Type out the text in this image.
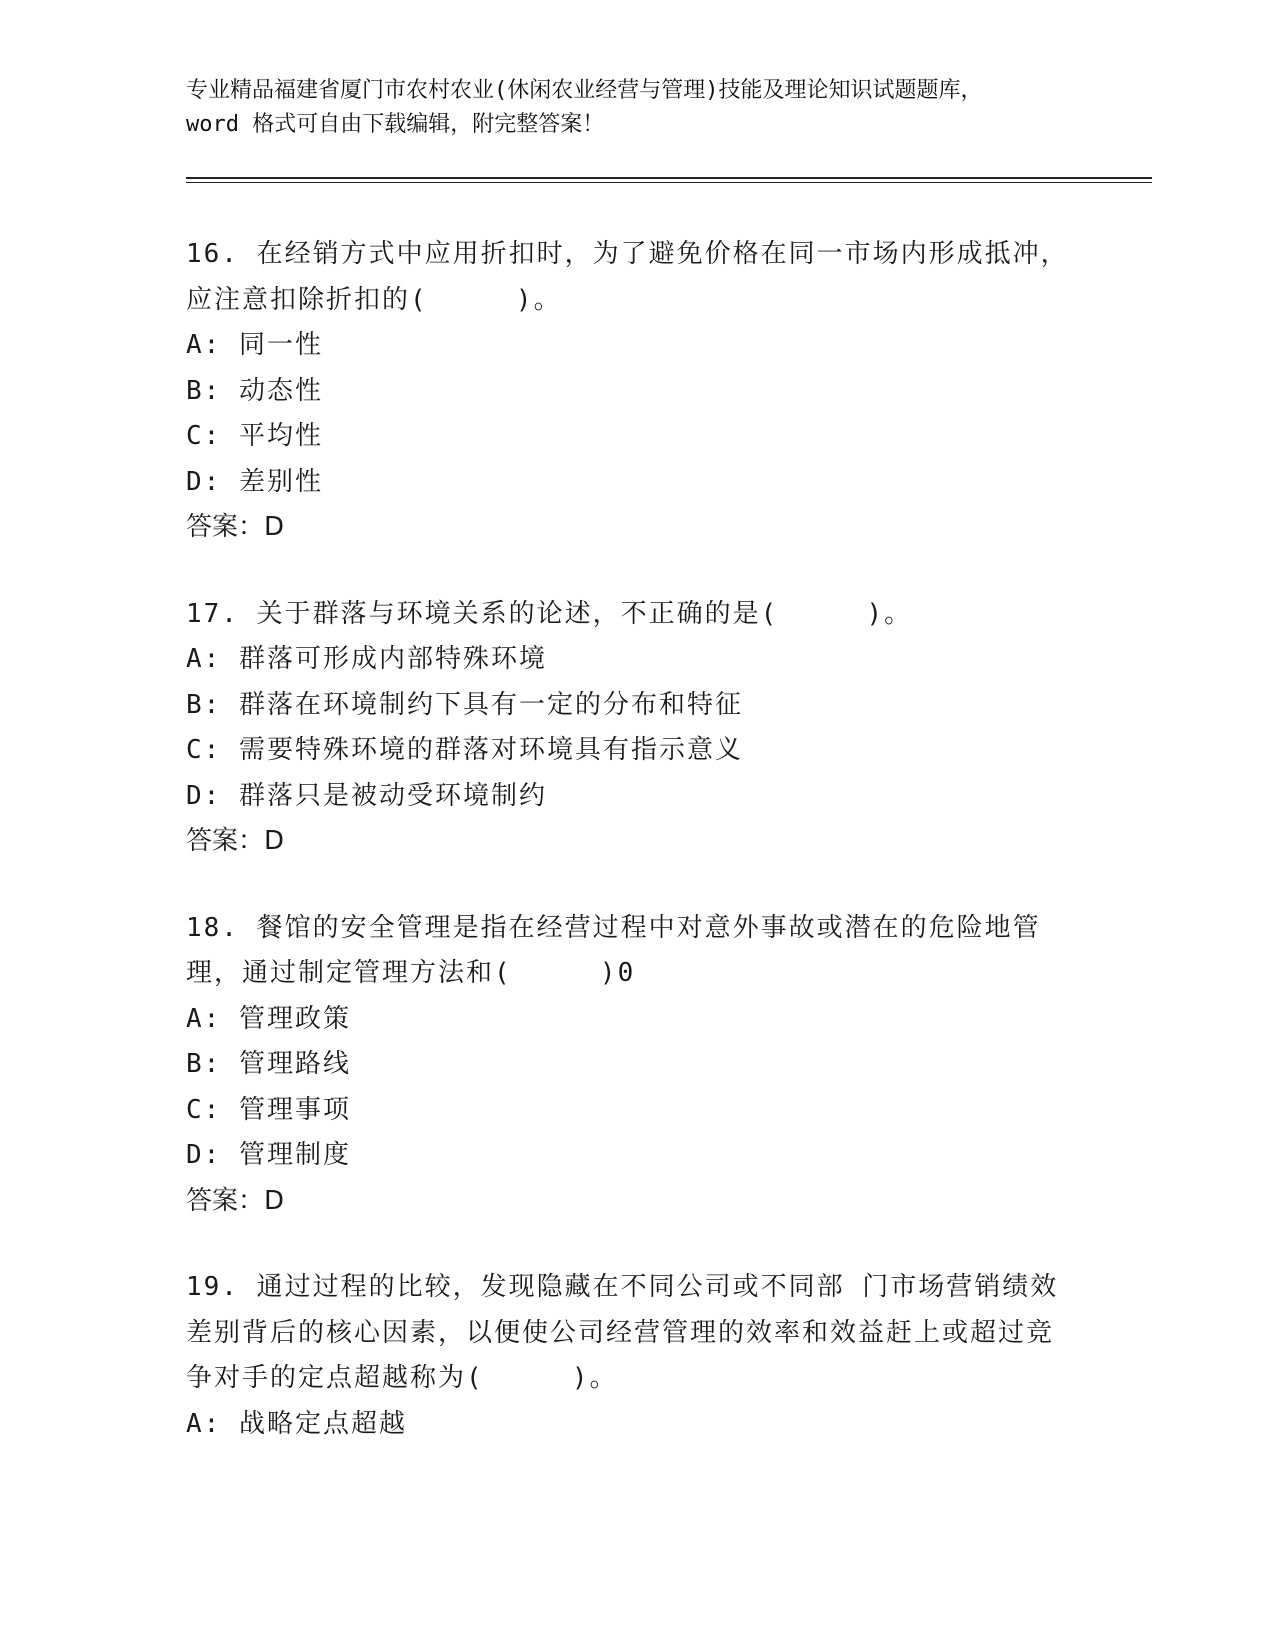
专业精品福建省厦门市农村农业(休闲农业经营与管理)技能及理论知识试题题库，
word 格式可自由下载编辑，附完整答案！
16. 在经销方式中应用折扣时，为了避免价格在同一市场内形成抵冲，
应注意扣除折扣的(     )。
A: 同一性
B: 动态性
C: 平均性
D: 差别性
答案：D
17. 关于群落与环境关系的论述，不正确的是(     )。
A: 群落可形成内部特殊环境
B: 群落在环境制约下具有一定的分布和特征
C: 需要特殊环境的群落对环境具有指示意义
D: 群落只是被动受环境制约
答案：D
18. 餐馆的安全管理是指在经营过程中对意外事故或潜在的危险地管
理，通过制定管理方法和(     )0
A: 管理政策
B: 管理路线
C: 管理事项
D: 管理制度
答案：D
19. 通过过程的比较，发现隐藏在不同公司或不同部 门市场营销绩效
差别背后的核心因素，以便使公司经营管理的效率和效益赶上或超过竞
争对手的定点超越称为(     )。
A: 战略定点超越
